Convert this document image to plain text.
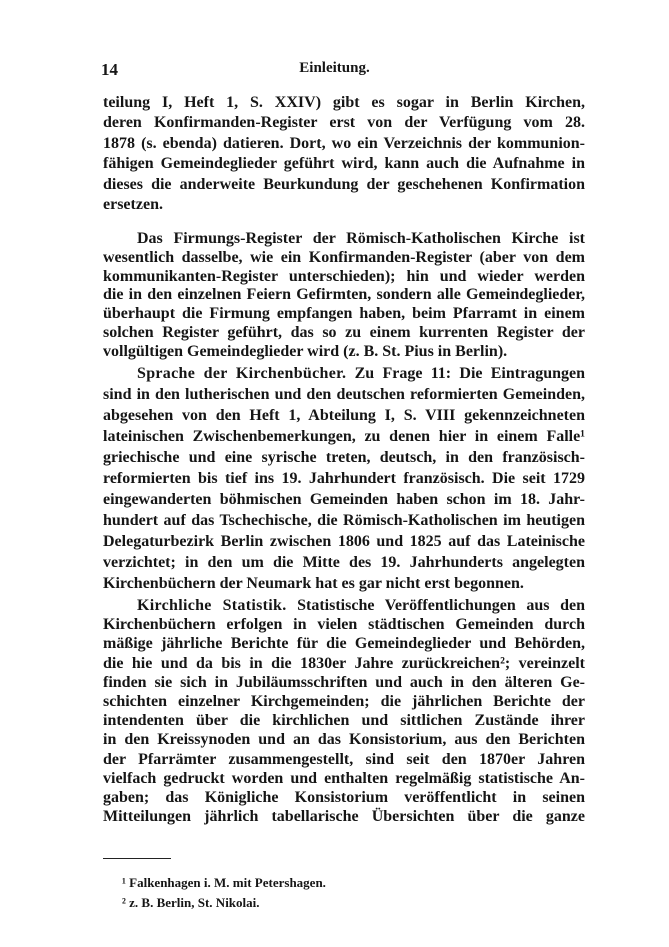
14	Einleitung.
teilung I, Heft 1, S. XXIV) gibt es sogar in Berlin Kirchen,
deren Konfirmanden-Register erst von der Verfügung vom 28.
1878 (s. ebenda) datieren. Dort, wo ein Verzeichnis der kommunion-
fähigen Gemeindeglieder geführt wird, kann auch die Aufnahme in
dieses die anderweite Beurkundung der geschehenen Konfirmation
ersetzen.
Das Firmungs-Register der Römisch-Katholischen Kirche ist
wesentlich dasselbe, wie ein Konfirmanden-Register (aber von dem
kommunikanten-Register unterschieden); hin und wieder werden
die in den einzelnen Feiern Gefirmten, sondern alle Gemeindeglieder,
überhaupt die Firmung empfangen haben, beim Pfarramt in einem
solchen Register geführt, das so zu einem kurrenten Register der
vollgültigen Gemeindeglieder wird (z. B. St. Pius in Berlin).
Sprache der Kirchenbücher. Zu Frage 11: Die Eintragungen
sind in den lutherischen und den deutschen reformierten Gemeinden,
abgesehen von den Heft 1, Abteilung I, S. VIII gekennzeichneten
lateinischen Zwischenbemerkungen, zu denen hier in einem Falle¹
griechische und eine syrische treten, deutsch, in den französisch-
reformierten bis tief ins 19. Jahrhundert französisch. Die seit 1729
eingewanderten böhmischen Gemeinden haben schon im 18. Jahr-
hundert auf das Tschechische, die Römisch-Katholischen im heutigen
Delegaturbezirk Berlin zwischen 1806 und 1825 auf das Lateinische
verzichtet; in den um die Mitte des 19. Jahrhunderts angelegten
Kirchenbüchern der Neumark hat es gar nicht erst begonnen.
Kirchliche Statistik. Statistische Veröffentlichungen aus den
Kirchenbüchern erfolgen in vielen städtischen Gemeinden durch
mäßige jährliche Berichte für die Gemeindeglieder und Behörden,
die hie und da bis in die 1830er Jahre zurückreichen²; vereinzelt
finden sie sich in Jubiläumsschriften und auch in den älteren Ge-
schichten einzelner Kirchgemeinden; die jährlichen Berichte der
intendenten über die kirchlichen und sittlichen Zustände ihrer
in den Kreissynoden und an das Konsistorium, aus den Berichten
der Pfarrämter zusammengestellt, sind seit den 1870er Jahren
vielfach gedruckt worden und enthalten regelmäßig statistische An-
gaben; das Königliche Konsistorium veröffentlicht in seinen
Mitteilungen jährlich tabellarische Übersichten über die ganze
¹ Falkenhagen i. M. mit Petershagen.
² z. B. Berlin, St. Nikolai.
